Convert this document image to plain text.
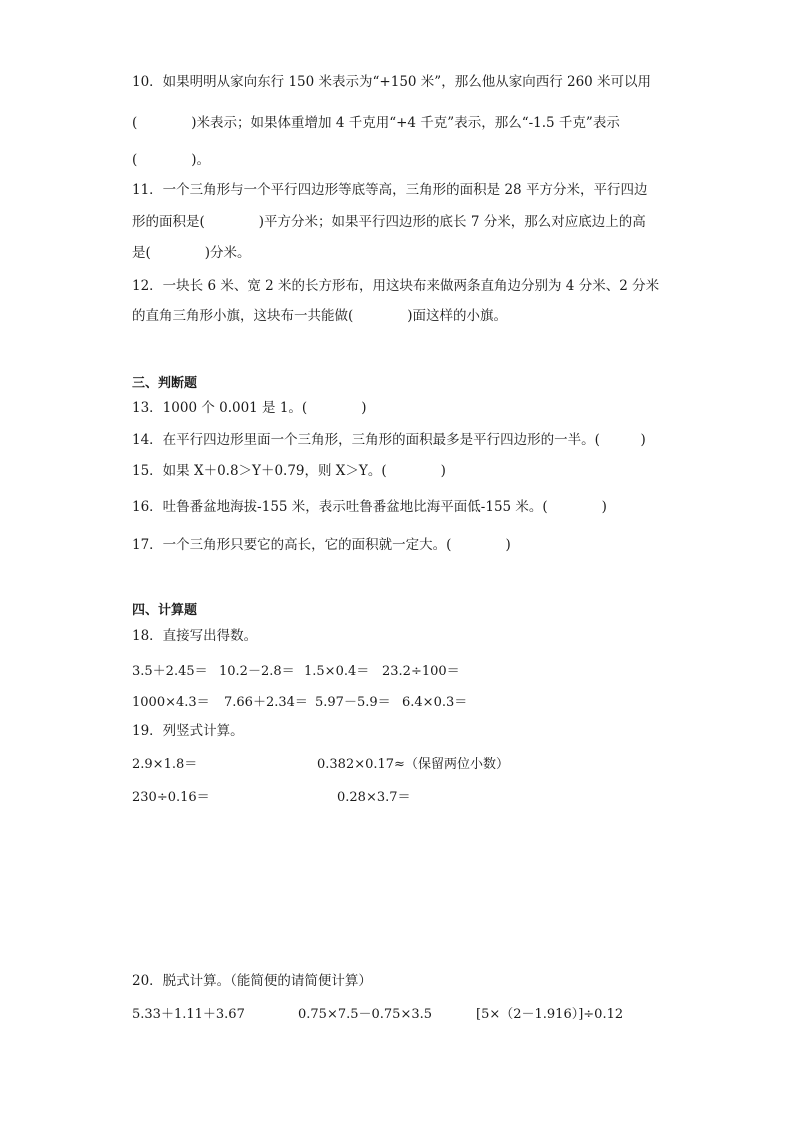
10．如果明明从家向东行 150 米表示为“+150 米”，那么他从家向西行 260 米可以用
(　　　　)米表示；如果体重增加 4 千克用“+4 千克”表示，那么“-1.5 千克”表示
(　　　　)。
11．一个三角形与一个平行四边形等底等高，三角形的面积是 28 平方分米，平行四边
形的面积是(　　　　)平方分米；如果平行四边形的底长 7 分米，那么对应底边上的高
是(　　　　)分米。
12．一块长 6 米、宽 2 米的长方形布，用这块布来做两条直角边分别为 4 分米、2 分米
的直角三角形小旗，这块布一共能做(　　　　)面这样的小旗。
三、判断题
13．1000 个 0.001 是 1。(　　　　)
14．在平行四边形里面一个三角形，三角形的面积最多是平行四边形的一半。(　　　)
15．如果 X＋0.8＞Y＋0.79，则 X＞Y。(　　　　)
16．吐鲁番盆地海拔-155 米，表示吐鲁番盆地比海平面低-155 米。(　　　　)
17．一个三角形只要它的高长，它的面积就一定大。(　　　　)
四、计算题
18．直接写出得数。
3.5＋2.45＝ 10.2－2.8＝ 1.5×0.4＝ 23.2÷100＝
1000×4.3＝ 7.66＋2.34＝ 5.97－5.9＝ 6.4×0.3＝
19．列竖式计算。
2.9×1.8＝	0.382×0.17≈（保留两位小数）
230÷0.16＝	0.28×3.7＝
20．脱式计算。（能简便的请简便计算）
5.33＋1.11＋3.67	0.75×7.5－0.75×3.5	[5×（2－1.916）]÷0.12
